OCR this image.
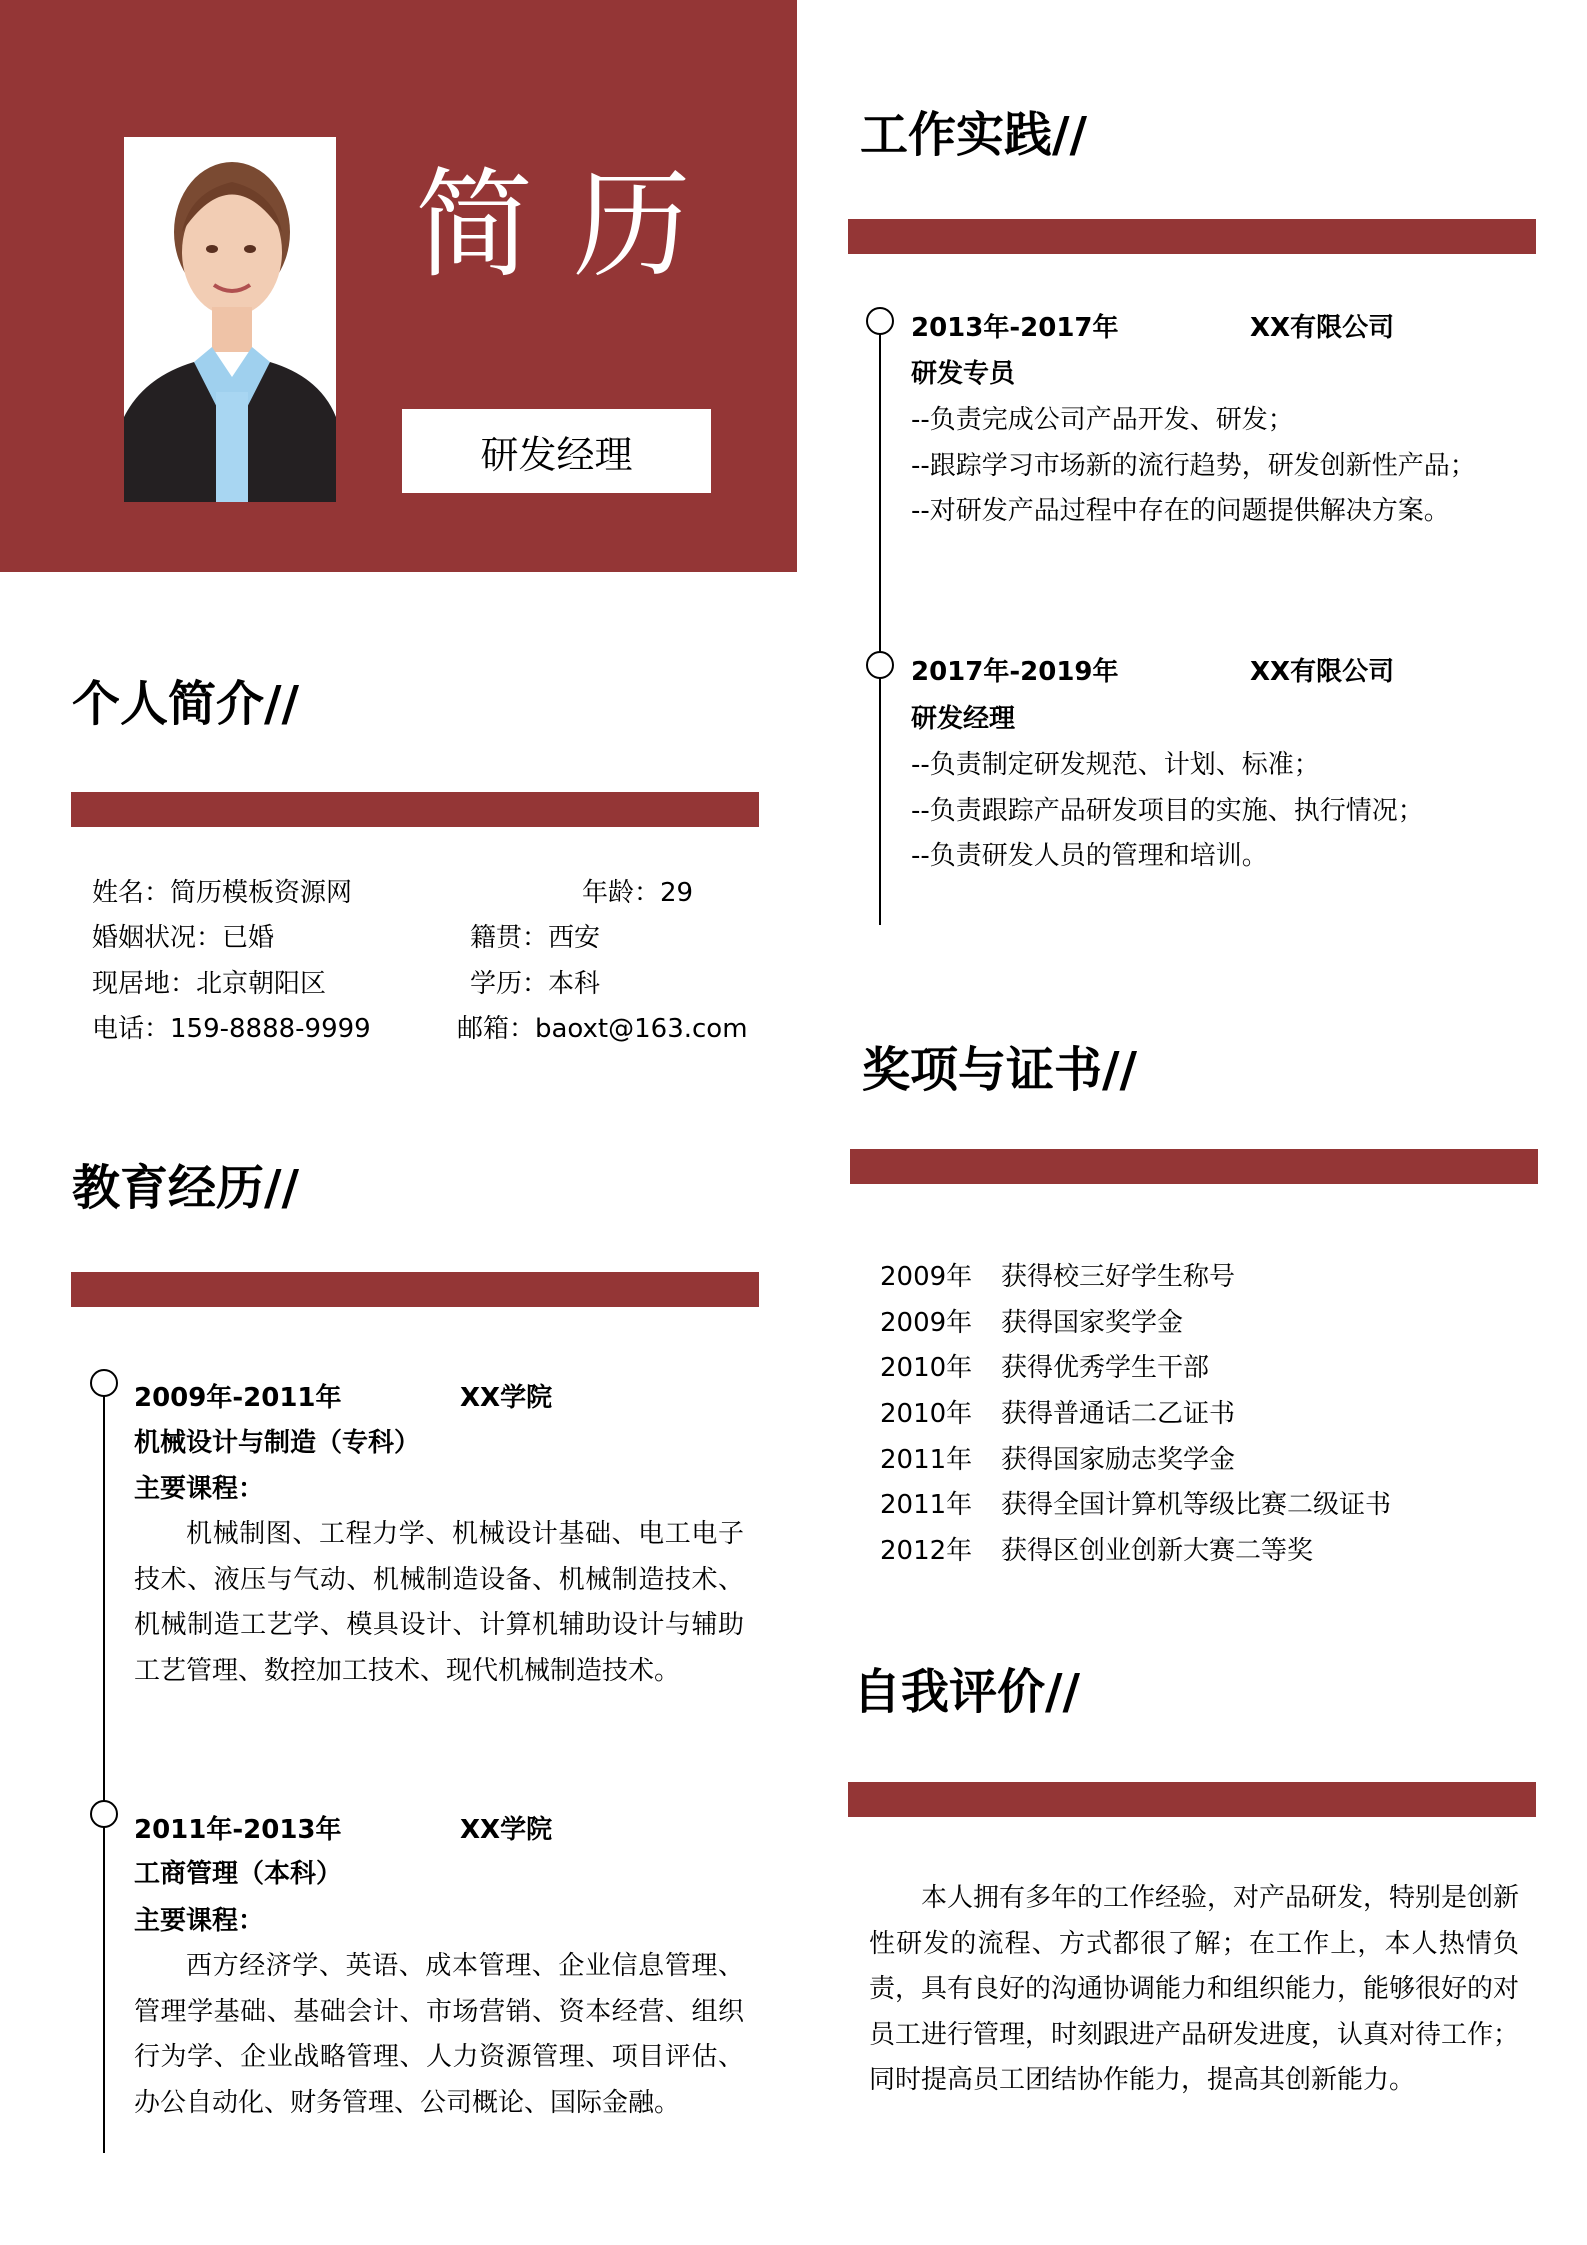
简历
研发经理
个人简介//
姓名：简历模板资源网	年龄：29
婚姻状况：已婚	籍贯：西安
现居地：北京朝阳区	学历：本科
电话：159-8888-9999	邮箱：baoxt@163.com
教育经历//
2009年-2011年	XX学院
机械设计与制造（专科）
主要课程：
机械制图、工程力学、机械设计基础、电工电子技术、液压与气动、机械制造设备、机械制造技术、机械制造工艺学、模具设计、计算机辅助设计与辅助工艺管理、数控加工技术、现代机械制造技术。
2011年-2013年	XX学院
工商管理（本科）
主要课程：
西方经济学、英语、成本管理、企业信息管理、管理学基础、基础会计、市场营销、资本经营、组织行为学、企业战略管理、人力资源管理、项目评估、办公自动化、财务管理、公司概论、国际金融。
工作实践//
2013年-2017年	XX有限公司
研发专员
--负责完成公司产品开发、研发；
--跟踪学习市场新的流行趋势，研发创新性产品；
--对研发产品过程中存在的问题提供解决方案。
2017年-2019年	XX有限公司
研发经理
--负责制定研发规范、计划、标准；
--负责跟踪产品研发项目的实施、执行情况；
--负责研发人员的管理和培训。
奖项与证书//
2009年 获得校三好学生称号
2009年 获得国家奖学金
2010年 获得优秀学生干部
2010年 获得普通话二乙证书
2011年 获得国家励志奖学金
2011年 获得全国计算机等级比赛二级证书
2012年 获得区创业创新大赛二等奖
自我评价//
本人拥有多年的工作经验，对产品研发，特别是创新性研发的流程、方式都很了解；在工作上，本人热情负责，具有良好的沟通协调能力和组织能力，能够很好的对员工进行管理，时刻跟进产品研发进度，认真对待工作；同时提高员工团结协作能力，提高其创新能力。
